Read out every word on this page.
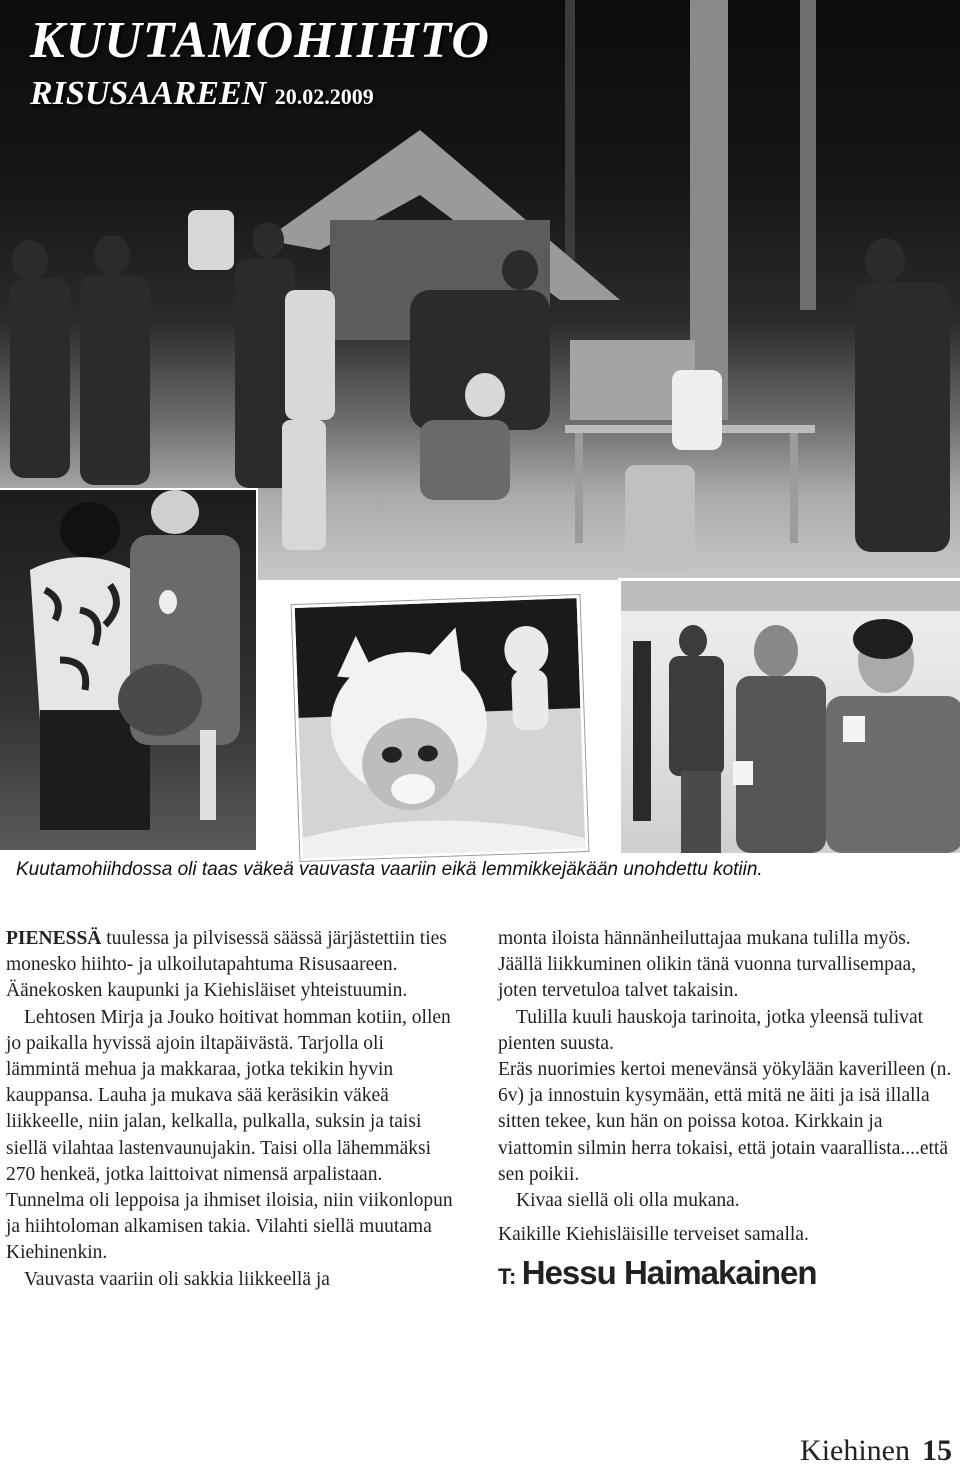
KUUTAMOHIIHTO
RISUSAAREEN 20.02.2009
Kuutamohiihdossa oli taas väkeä vauvasta vaariin eikä lemmikkejäkään unohdettu kotiin.

PIENESSÄ tuulessa ja pilvisessä säässä järjästettiin ties monesko hiihto- ja ulkoilutapahtuma Risusaareen. Äänekosken kaupunki ja Kiehisläiset yhteistuumin.

Lehtosen Mirja ja Jouko hoitivat homman kotiin, ollen jo paikalla hyvissä ajoin iltapäivästä. Tarjolla oli lämmintä mehua ja makkaraa, jotka tekikin hyvin kauppansa. Lauha ja mukava sää keräsikin väkeä liikkeelle, niin jalan, kelkalla, pulkalla, suksin ja taisi siellä vilahtaa lastenvaunujakin. Taisi olla lähemmäksi 270 henkeä, jotka laittoivat nimensä arpalistaan. Tunnelma oli leppoisa ja ihmiset iloisia, niin viikonlopun ja hiihtoloman alkamisen takia. Vilahti siellä muutama Kiehinenkin.

Vauvasta vaariin oli sakkia liikkeellä ja

monta iloista hännänheiluttajaa mukana tulilla myös. Jäällä liikkuminen olikin tänä vuonna turvallisempaa, joten tervetuloa talvet takaisin.

Tulilla kuuli hauskoja tarinoita, jotka yleensä tulivat pienten suusta.

Eräs nuorimies kertoi menevänsä yökylään kaverilleen (n. 6v) ja innostuin kysymään, että mitä ne äiti ja isä illalla sitten tekee, kun hän on poissa kotoa. Kirkkain ja viattomin silmin herra tokaisi, että jotain vaarallista....että sen poikii.

Kivaa siellä oli olla mukana.

Kaikille Kiehisläisille terveiset samalla.

T: Hessu Haimakainen

Kiehinen 15
